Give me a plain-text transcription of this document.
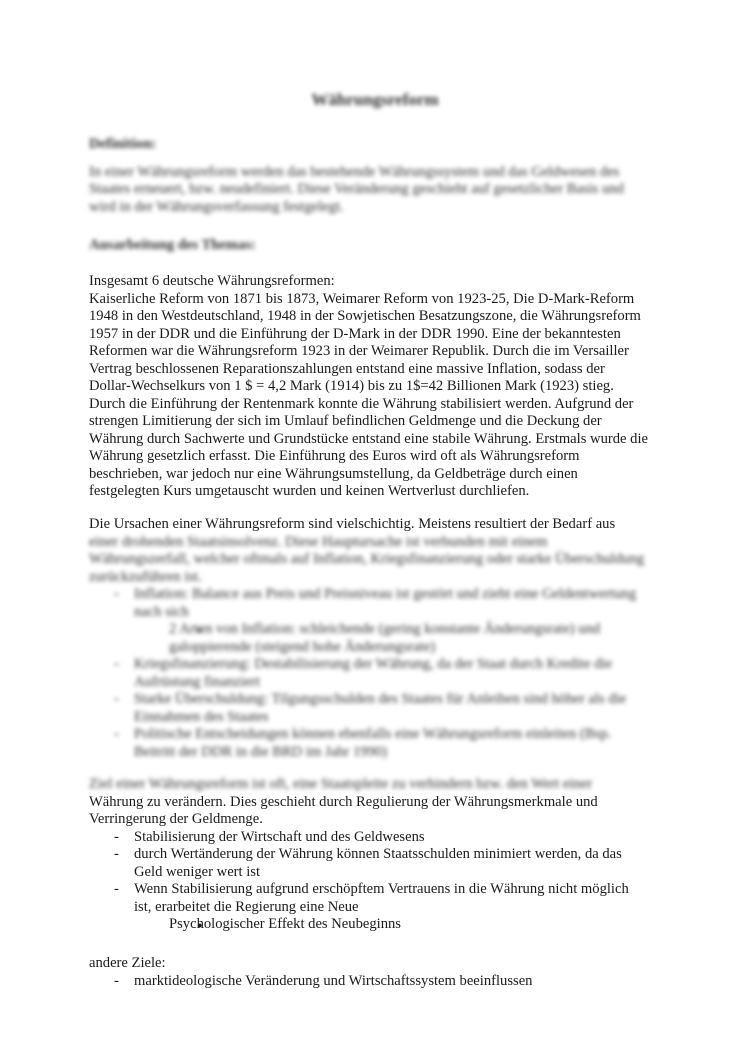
Währungsreform
Definition:

In einer Währungsreform werden das bestehende Währungssystem und das Geldwesen des Staates erneuert, bzw. neudefiniert. Diese Veränderung geschieht auf gesetzlicher Basis und wird in der Währungsverfassung festgelegt.

Ausarbeitung des Themas:
Insgesamt 6 deutsche Währungsreformen:

Kaiserliche Reform von 1871 bis 1873, Weimarer Reform von 1923-25, Die D-Mark-Reform 1948 in den Westdeutschland, 1948 in der Sowjetischen Besatzungszone, die Währungsreform 1957 in der DDR und die Einführung der D-Mark in der DDR 1990. Eine der bekanntesten Reformen war die Währungsreform 1923 in der Weimarer Republik. Durch die im Versailler Vertrag beschlossenen Reparationszahlungen entstand eine massive Inflation, sodass der Dollar-Wechselkurs von 1 $ = 4,2 Mark (1914) bis zu 1$=42 Billionen Mark (1923) stieg. Durch die Einführung der Rentenmark konnte die Währung stabilisiert werden. Aufgrund der strengen Limitierung der sich im Umlauf befindlichen Geldmenge und die Deckung der Währung durch Sachwerte und Grundstücke entstand eine stabile Währung. Erstmals wurde die Währung gesetzlich erfasst. Die Einführung des Euros wird oft als Währungsreform beschrieben, war jedoch nur eine Währungsumstellung, da Geldbeträge durch einen festgelegten Kurs umgetauscht wurden und keinen Wertverlust durchliefen.

Die Ursachen einer Währungsreform sind vielschichtig. Meistens resultiert der Bedarf aus
einer drohenden Staatsinsolvenz. Diese Hauptursache ist verbunden mit einem Währungszerfall, welcher oftmals auf Inflation, Kriegsfinanzierung oder starke Überschuldung zurückzuführen ist.
- Inflation: Balance aus Preis und Preisniveau ist gestört und zieht eine Geldentwertung nach sich
● 2 Arten von Inflation: schleichende (gering konstante Änderungsrate) und galoppierende (steigend hohe Änderungsrate)
- Kriegsfinanzierung: Destabilisierung der Währung, da der Staat durch Kredite die Aufrüstung finanziert
- Starke Überschuldung: Tilgungsschulden des Staates für Anleihen sind höher als die Einnahmen des Staates
- Politische Entscheidungen können ebenfalls eine Währungsreform einleiten (Bsp. Beitritt der DDR in die BRD im Jahr 1990)
Ziel einer Währungsreform ist oft, eine Staatspleite zu verhindern bzw. den Wert einer

Währung zu verändern. Dies geschieht durch Regulierung der Währungsmerkmale und Verringerung der Geldmenge.

- Stabilisierung der Wirtschaft und des Geldwesens
- durch Wertänderung der Währung können Staatsschulden minimiert werden, da das Geld weniger wert ist
- Wenn Stabilisierung aufgrund erschöpftem Vertrauens in die Währung nicht möglich ist, erarbeitet die Regierung eine Neue
● Psychologischer Effekt des Neubeginns
andere Ziele:
- marktideologische Veränderung und Wirtschaftssystem beeinflussen
